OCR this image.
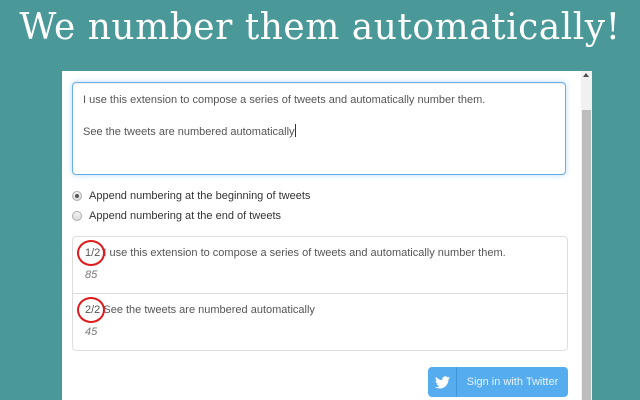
We number them automatically!
I use this extension to compose a series of tweets and automatically number them.
See the tweets are numbered automatically
Append numbering at the beginning of tweets
Append numbering at the end of tweets
1/2 I use this extension to compose a series of tweets and automatically number them.
85
2/2 See the tweets are numbered automatically
45
Sign in with Twitter
